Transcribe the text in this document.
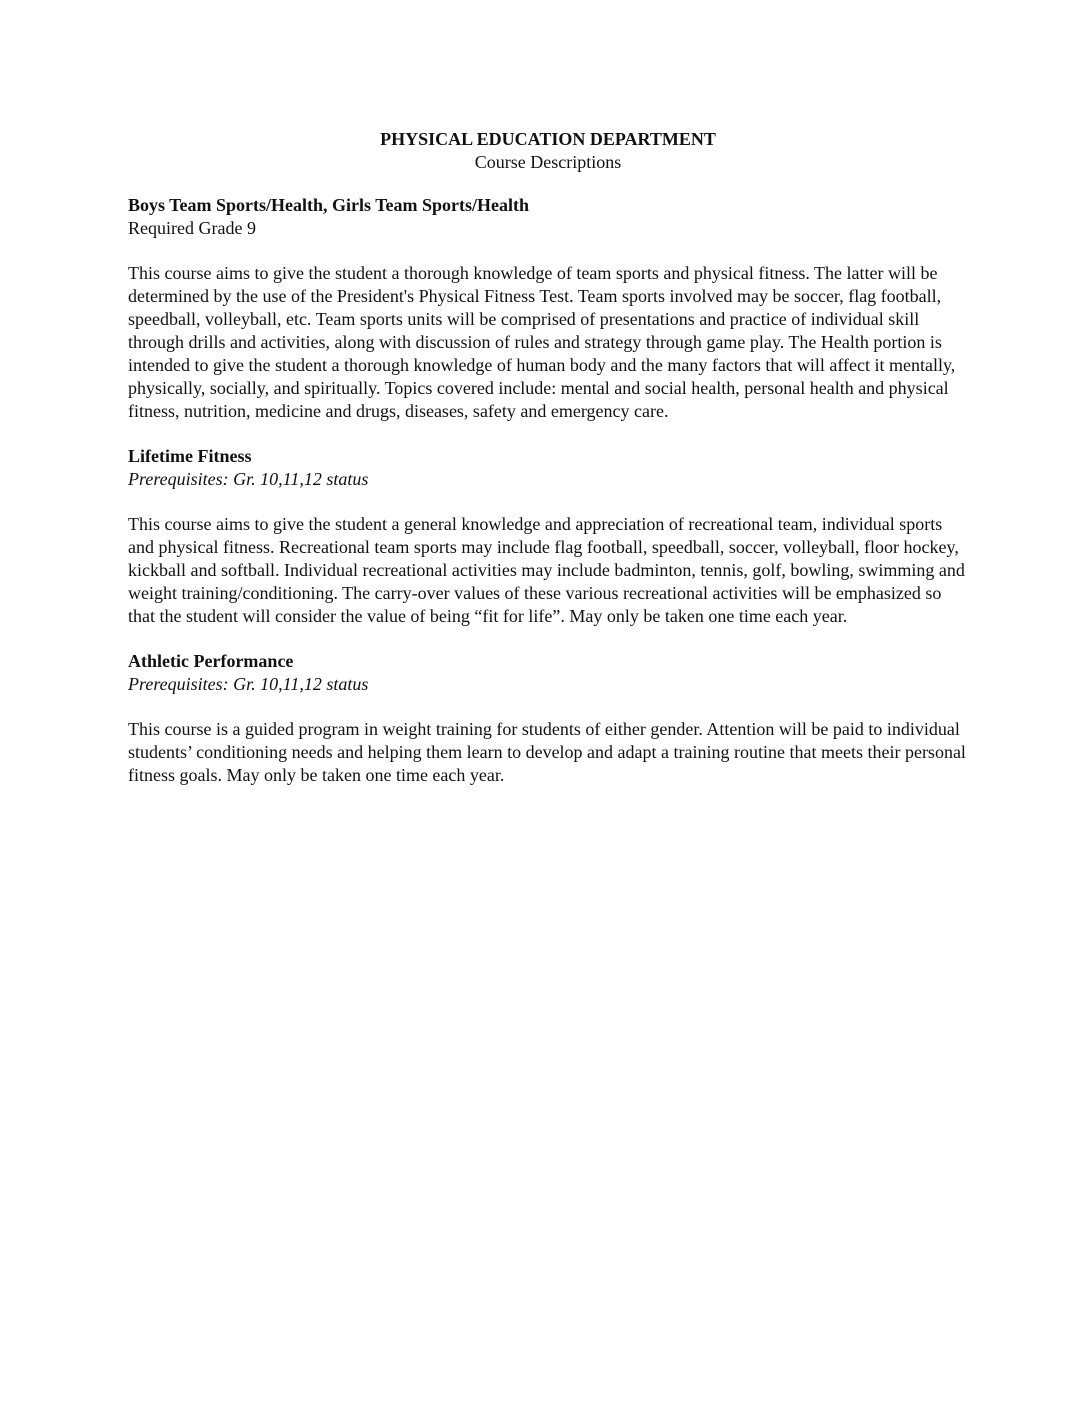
PHYSICAL EDUCATION DEPARTMENT
Course Descriptions
Boys Team Sports/Health, Girls Team Sports/Health
Required Grade 9
This course aims to give the student a thorough knowledge of team sports and physical fitness. The latter will be determined by the use of the President's Physical Fitness Test. Team sports involved may be soccer, flag football, speedball, volleyball, etc. Team sports units will be comprised of presentations and practice of individual skill through drills and activities, along with discussion of rules and strategy through game play. The Health portion is intended to give the student a thorough knowledge of human body and the many factors that will affect it mentally, physically, socially, and spiritually. Topics covered include: mental and social health, personal health and physical fitness, nutrition, medicine and drugs, diseases, safety and emergency care.
Lifetime Fitness
Prerequisites: Gr. 10,11,12 status
This course aims to give the student a general knowledge and appreciation of recreational team, individual sports and physical fitness. Recreational team sports may include flag football, speedball, soccer, volleyball, floor hockey, kickball and softball. Individual recreational activities may include badminton, tennis, golf, bowling, swimming and weight training/conditioning. The carry-over values of these various recreational activities will be emphasized so that the student will consider the value of being “fit for life”. May only be taken one time each year.
Athletic Performance
Prerequisites: Gr. 10,11,12 status
This course is a guided program in weight training for students of either gender. Attention will be paid to individual students’ conditioning needs and helping them learn to develop and adapt a training routine that meets their personal fitness goals. May only be taken one time each year.
